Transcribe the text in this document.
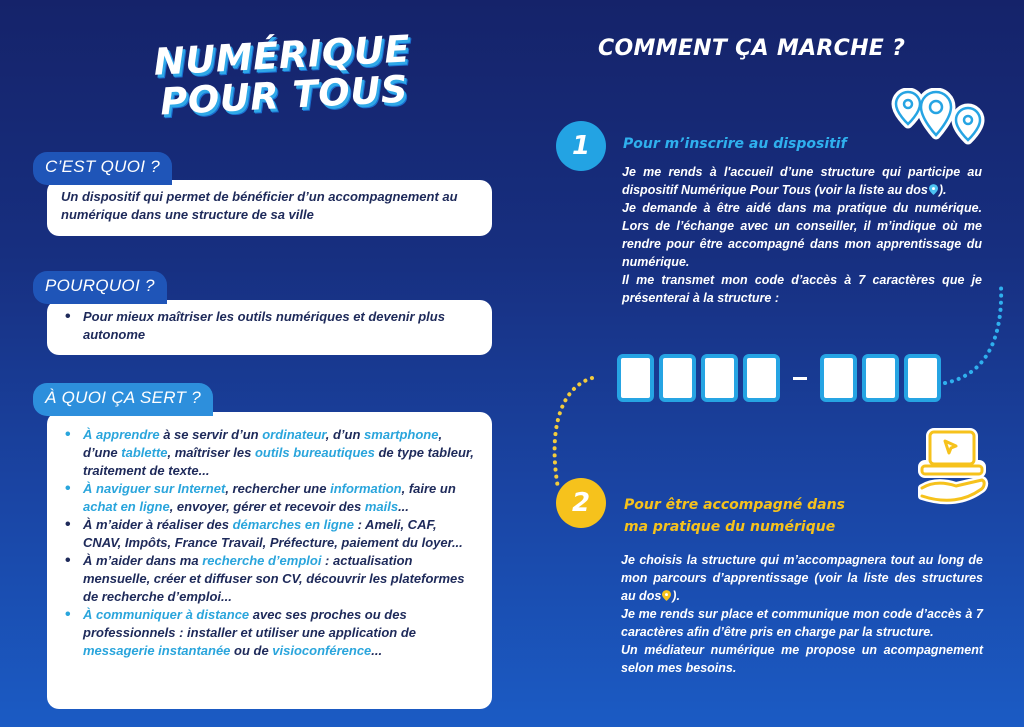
NUMÉRIQUE
POUR TOUS
Un dispositif qui permet de bénéficier d’un accompagnement au numérique dans une structure de sa ville
C’EST QUOI ?
• Pour mieux maîtriser les outils numériques et devenir plus autonome
POURQUOI ?
• À apprendre à se servir d’un ordinateur, d’un smartphone, d’une tablette, maîtriser les outils bureautiques de type tableur, traitement de texte...
• À naviguer sur Internet, rechercher une information, faire un achat en ligne, envoyer, gérer et recevoir des mails...
• À m’aider à réaliser des démarches en ligne : Ameli, CAF, CNAV, Impôts, France Travail, Préfecture, paiement du loyer...
• À m’aider dans ma recherche d’emploi : actualisation mensuelle, créer et diffuser son CV, découvrir les plateformes de recherche d’emploi...
• À communiquer à distance avec ses proches ou des professionnels : installer et utiliser une application de messagerie instantanée ou de visioconférence...
À QUOI ÇA SERT ?
COMMENT ÇA MARCHE ?
1 Pour m’inscrire au dispositif

Je me rends à l'accueil d’une structure qui participe au dispositif Numérique Pour Tous (voir la liste au dos ).

Je demande à être aidé dans ma pratique du numérique. Lors de l’échange avec un conseiller, il m’indique où me rendre pour être accompagné dans mon apprentissage du numérique.

Il me transmet mon code d’accès à 7 caractères que je présenterai à la structure :

2 Pour être accompagné dans
ma pratique du numérique

Je choisis la structure qui m’accompagnera tout au long de mon parcours d’apprentissage (voir la liste des structures au dos ).

Je me rends sur place et communique mon code d’accès à 7 caractères afin d’être pris en charge par la structure.

Un médiateur numérique me propose un acompagnement selon mes besoins.
